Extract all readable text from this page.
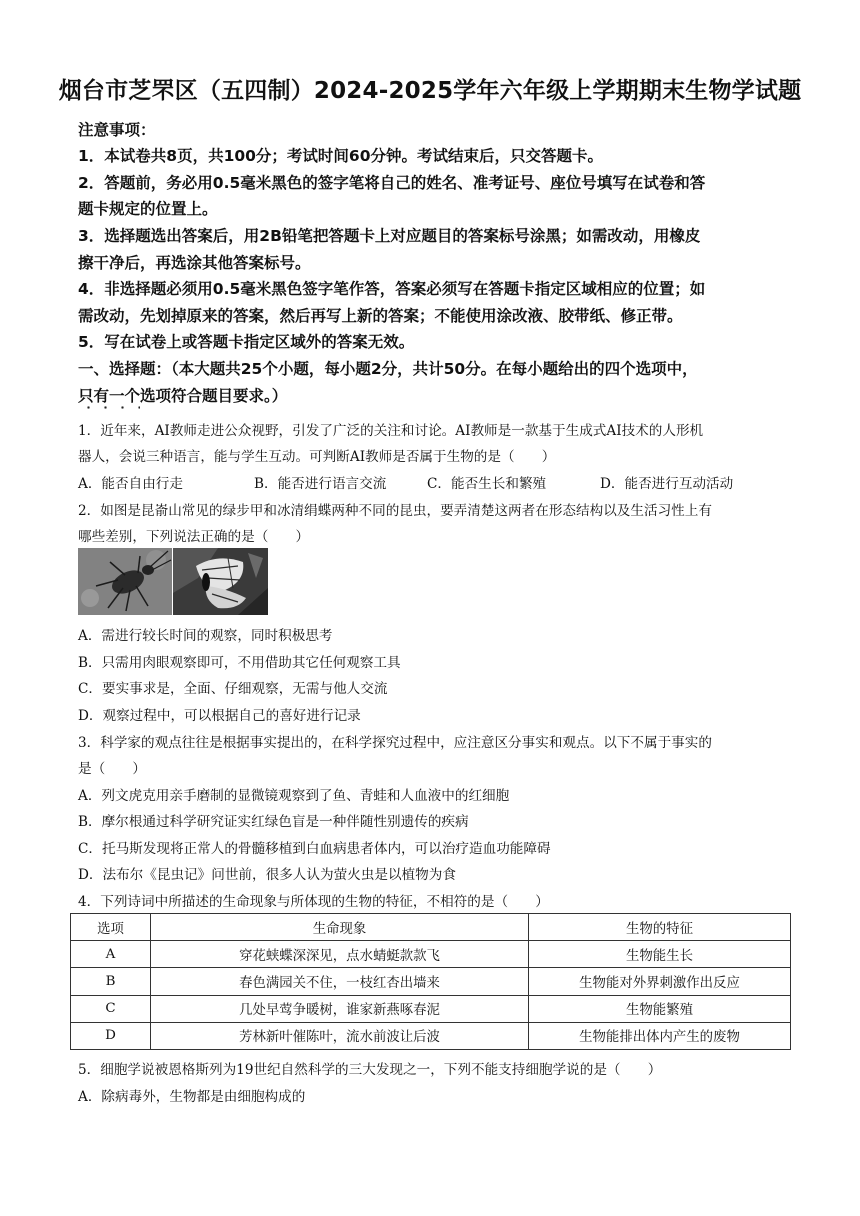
烟台市芝罘区（五四制）2024-2025学年六年级上学期期末生物学试题
注意事项：
1．本试卷共8页，共100分；考试时间60分钟。考试结束后，只交答题卡。
2．答题前，务必用0.5毫米黑色的签字笔将自己的姓名、准考证号、座位号填写在试卷和答
题卡规定的位置上。
3．选择题选出答案后，用2B铅笔把答题卡上对应题目的答案标号涂黑；如需改动，用橡皮
擦干净后，再选涂其他答案标号。
4．非选择题必须用0.5毫米黑色签字笔作答，答案必须写在答题卡指定区域相应的位置；如
需改动，先划掉原来的答案，然后再写上新的答案；不能使用涂改液、胶带纸、修正带。
5．写在试卷上或答题卡指定区域外的答案无效。
一、选择题：（本大题共25个小题，每小题2分，共计50分。在每小题给出的四个选项中，
只有一个选项符合题目要求。）
1．近年来，AI教师走进公众视野，引发了广泛的关注和讨论。AI教师是一款基于生成式AI技术的人形机
器人，会说三种语言，能与学生互动。可判断AI教师是否属于生物的是（　　）
A．能否自由行走	B．能否进行语言交流	C．能否生长和繁殖	D．能否进行互动活动
2．如图是昆嵛山常见的绿步甲和冰清绢蝶两种不同的昆虫，要弄清楚这两者在形态结构以及生活习性上有
哪些差别，下列说法正确的是（　　）
A．需进行较长时间的观察，同时积极思考
B．只需用肉眼观察即可，不用借助其它任何观察工具
C．要实事求是，全面、仔细观察，无需与他人交流
D．观察过程中，可以根据自己的喜好进行记录
3．科学家的观点往往是根据事实提出的，在科学探究过程中，应注意区分事实和观点。以下不属于事实的
是（　　）
A．列文虎克用亲手磨制的显微镜观察到了鱼、青蛙和人血液中的红细胞
B．摩尔根通过科学研究证实红绿色盲是一种伴随性别遗传的疾病
C．托马斯发现将正常人的骨髓移植到白血病患者体内，可以治疗造血功能障碍
D．法布尔《昆虫记》问世前，很多人认为萤火虫是以植物为食
4．下列诗词中所描述的生命现象与所体现的生物的特征，不相符的是（　　）
选项	生命现象	生物的特征
A	穿花蛱蝶深深见，点水蜻蜓款款飞	生物能生长
B	春色满园关不住，一枝红杏出墙来	生物能对外界刺激作出反应
C	几处早莺争暖树，谁家新燕啄春泥	生物能繁殖
D	芳林新叶催陈叶，流水前波让后波	生物能排出体内产生的废物
5．细胞学说被恩格斯列为19世纪自然科学的三大发现之一，下列不能支持细胞学说的是（　　）
A．除病毒外，生物都是由细胞构成的
